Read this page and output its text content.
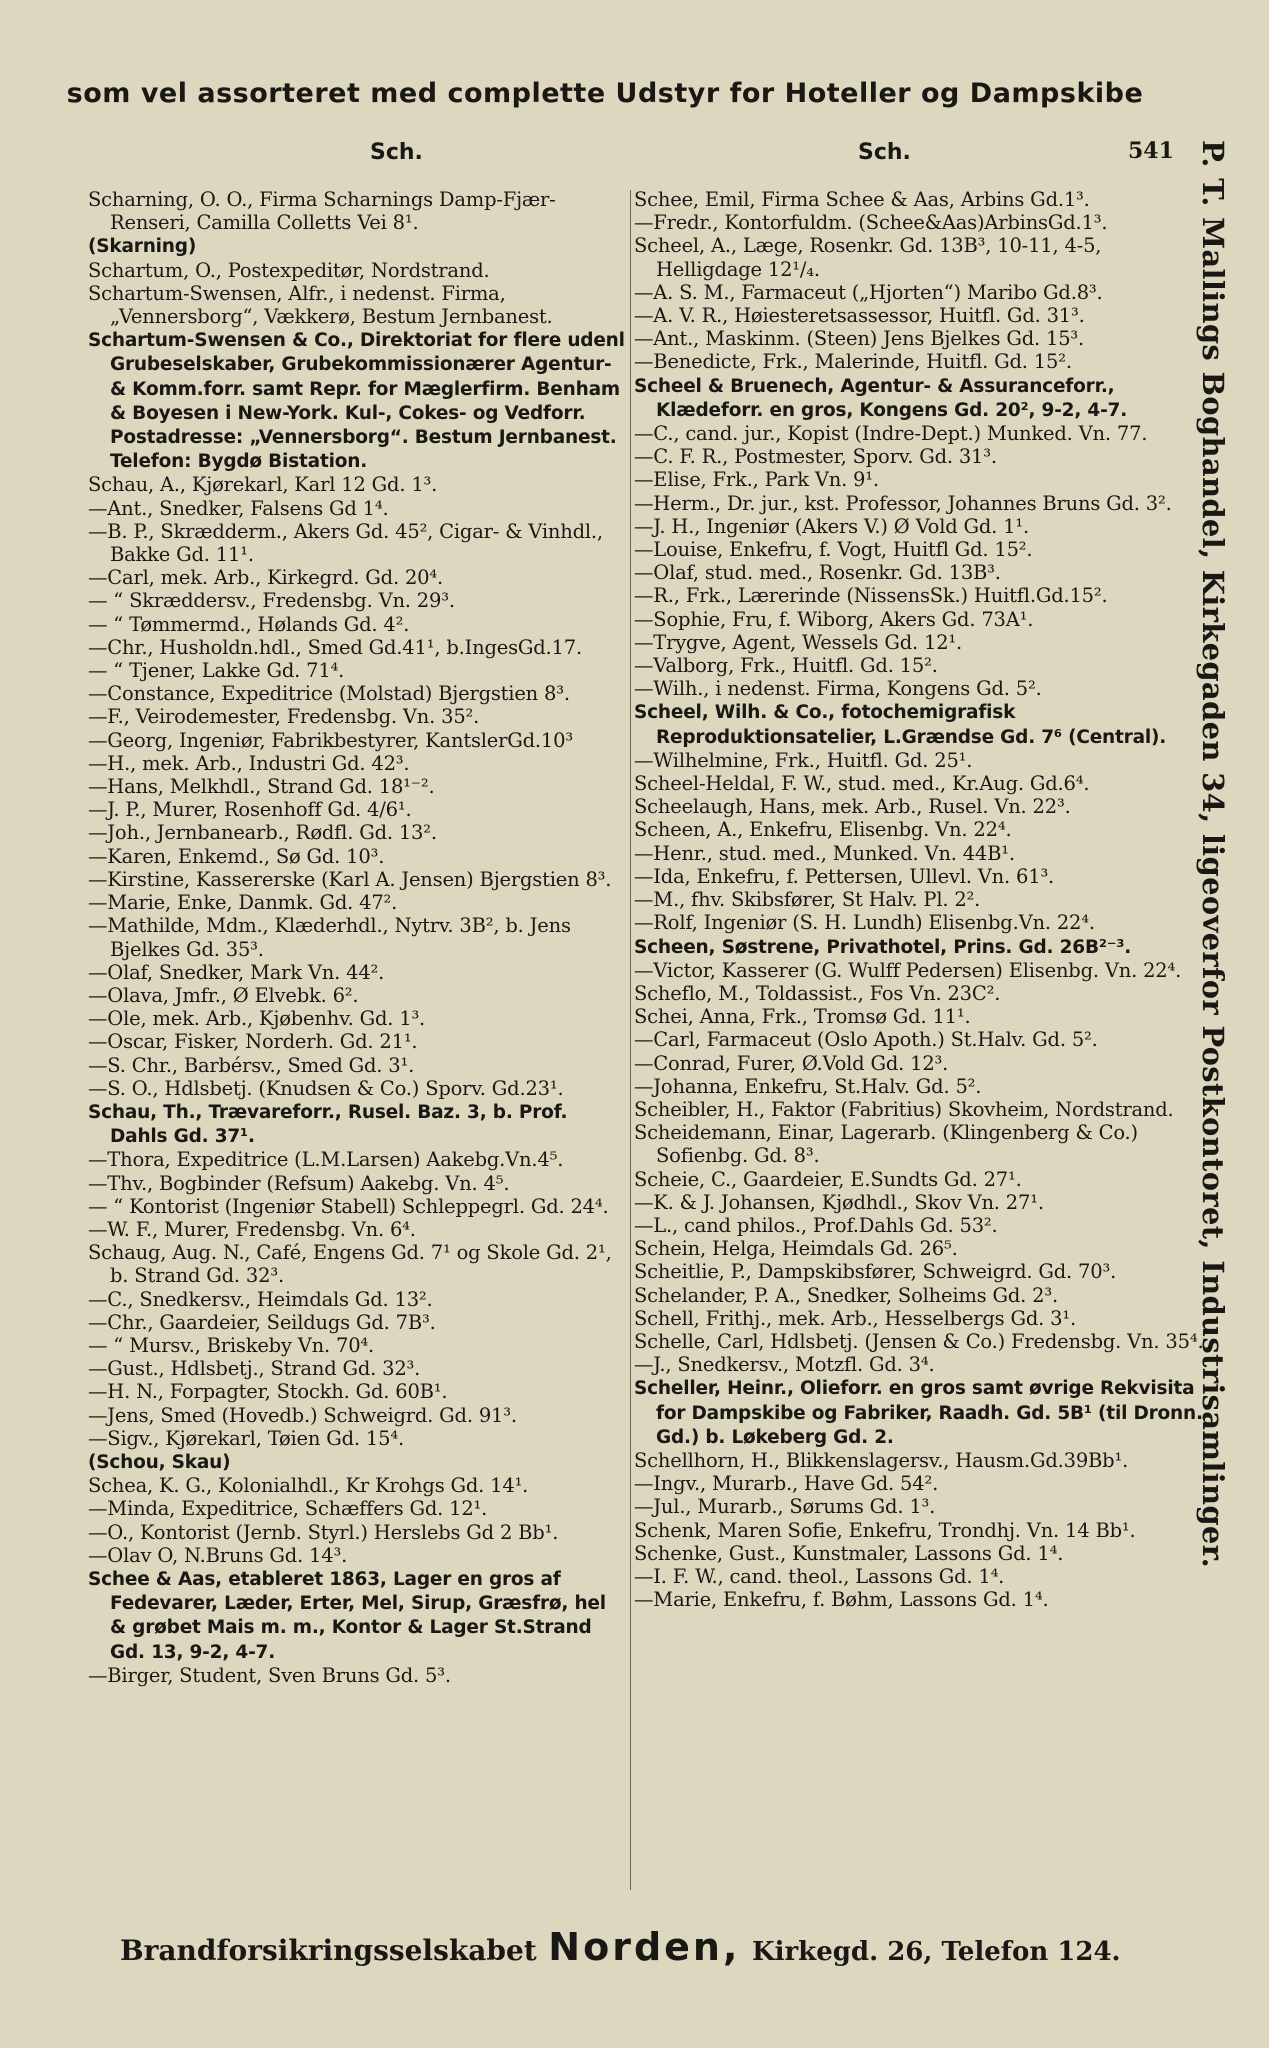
som vel assorteret med complette Udstyr for Hoteller og Dampskibe
Sch.	Sch.	541
Scharning, O. O., Firma Scharnings Damp-Fjær-Renseri, Camilla Colletts Vei 8¹.
(Skarning)
Schartum, O., Postexpeditør, Nordstrand.
Schartum-Swensen, Alfr., i nedenst. Firma, „Vennersborg“, Vækkerø, Bestum Jernbanest.
Schartum-Swensen & Co., Direktoriat for flere udenl Grubeselskaber, Grubekommissionærer Agentur- & Komm.forr. samt Repr. for Mæglerfirm. Benham & Boyesen i New-York. Kul-, Cokes- og Vedforr. Postadresse: „Vennersborg“. Bestum Jernbanest. Telefon: Bygdø Bistation.
Schau, A., Kjørekarl, Karl 12 Gd. 1³.
—Ant., Snedker, Falsens Gd 1⁴.
—B. P., Skrædderm., Akers Gd. 45², Cigar- & Vinhdl., Bakke Gd. 11¹.
—Carl, mek. Arb., Kirkegrd. Gd. 20⁴.
— “ Skræddersv., Fredensbg. Vn. 29³.
— “ Tømmermd., Hølands Gd. 4².
—Chr., Husholdn.hdl., Smed Gd.41¹, b.IngesGd.17.
— “ Tjener, Lakke Gd. 71⁴.
—Constance, Expeditrice (Molstad) Bjergstien 8³.
—F., Veirodemester, Fredensbg. Vn. 35².
—Georg, Ingeniør, Fabrikbestyrer, KantslerGd.10³
—H., mek. Arb., Industri Gd. 42³.
—Hans, Melkhdl., Strand Gd. 18¹⁻².
—J. P., Murer, Rosenhoff Gd. 4/6¹.
—Joh., Jernbanearb., Rødfl. Gd. 13².
—Karen, Enkemd., Sø Gd. 10³.
—Kirstine, Kassererske (Karl A. Jensen) Bjergstien 8³.
—Marie, Enke, Danmk. Gd. 47².
—Mathilde, Mdm., Klæderhdl., Nytrv. 3B², b. Jens Bjelkes Gd. 35³.
—Olaf, Snedker, Mark Vn. 44².
—Olava, Jmfr., Ø Elvebk. 6².
—Ole, mek. Arb., Kjøbenhv. Gd. 1³.
—Oscar, Fisker, Norderh. Gd. 21¹.
—S. Chr., Barbérsv., Smed Gd. 3¹.
—S. O., Hdlsbetj. (Knudsen & Co.) Sporv. Gd.23¹.
Schau, Th., Trævareforr., Rusel. Baz. 3, b. Prof. Dahls Gd. 37¹.
—Thora, Expeditrice (L.M.Larsen) Aakebg.Vn.4⁵.
—Thv., Bogbinder (Refsum) Aakebg. Vn. 4⁵.
— “ Kontorist (Ingeniør Stabell) Schleppegrl. Gd. 24⁴.
—W. F., Murer, Fredensbg. Vn. 6⁴.
Schaug, Aug. N., Café, Engens Gd. 7¹ og Skole Gd. 2¹, b. Strand Gd. 32³.
—C., Snedkersv., Heimdals Gd. 13².
—Chr., Gaardeier, Seildugs Gd. 7B³.
— “ Mursv., Briskeby Vn. 70⁴.
—Gust., Hdlsbetj., Strand Gd. 32³.
—H. N., Forpagter, Stockh. Gd. 60B¹.
—Jens, Smed (Hovedb.) Schweigrd. Gd. 91³.
—Sigv., Kjørekarl, Tøien Gd. 15⁴.
(Schou, Skau)
Schea, K. G., Kolonialhdl., Kr Krohgs Gd. 14¹.
—Minda, Expeditrice, Schæffers Gd. 12¹.
—O., Kontorist (Jernb. Styrl.) Herslebs Gd 2 Bb¹.
—Olav O, N.Bruns Gd. 14³.
Schee & Aas, etableret 1863, Lager en gros af Fedevarer, Læder, Erter, Mel, Sirup, Græsfrø, hel & grøbet Mais m. m., Kontor & Lager St.Strand Gd. 13, 9-2, 4-7.
—Birger, Student, Sven Bruns Gd. 5³.
Schee, Emil, Firma Schee & Aas, Arbins Gd.1³.
—Fredr., Kontorfuldm. (Schee&Aas)ArbinsGd.1³.
Scheel, A., Læge, Rosenkr. Gd. 13B³, 10-11, 4-5, Helligdage 12¹/₄.
—A. S. M., Farmaceut („Hjorten“) Maribo Gd.8³.
—A. V. R., Høiesteretsassessor, Huitfl. Gd. 31³.
—Ant., Maskinm. (Steen) Jens Bjelkes Gd. 15³.
—Benedicte, Frk., Malerinde, Huitfl. Gd. 15².
Scheel & Bruenech, Agentur- & Assuranceforr., Klædeforr. en gros, Kongens Gd. 20², 9-2, 4-7.
—C., cand. jur., Kopist (Indre-Dept.) Munked. Vn. 77.
—C. F. R., Postmester, Sporv. Gd. 31³.
—Elise, Frk., Park Vn. 9¹.
—Herm., Dr. jur., kst. Professor, Johannes Bruns Gd. 3².
—J. H., Ingeniør (Akers V.) Ø Vold Gd. 1¹.
—Louise, Enkefru, f. Vogt, Huitfl Gd. 15².
—Olaf, stud. med., Rosenkr. Gd. 13B³.
—R., Frk., Lærerinde (NissensSk.) Huitfl.Gd.15².
—Sophie, Fru, f. Wiborg, Akers Gd. 73A¹.
—Trygve, Agent, Wessels Gd. 12¹.
—Valborg, Frk., Huitfl. Gd. 15².
—Wilh., i nedenst. Firma, Kongens Gd. 5².
Scheel, Wilh. & Co., fotochemigrafisk Reproduktionsatelier, L.Grændse Gd. 7⁶ (Central).
—Wilhelmine, Frk., Huitfl. Gd. 25¹.
Scheel-Heldal, F. W., stud. med., Kr.Aug. Gd.6⁴.
Scheelaugh, Hans, mek. Arb., Rusel. Vn. 22³.
Scheen, A., Enkefru, Elisenbg. Vn. 22⁴.
—Henr., stud. med., Munked. Vn. 44B¹.
—Ida, Enkefru, f. Pettersen, Ullevl. Vn. 61³.
—M., fhv. Skibsfører, St Halv. Pl. 2².
—Rolf, Ingeniør (S. H. Lundh) Elisenbg.Vn. 22⁴.
Scheen, Søstrene, Privathotel, Prins. Gd. 26B²⁻³.
—Victor, Kasserer (G. Wulff Pedersen) Elisenbg. Vn. 22⁴.
Scheflo, M., Toldassist., Fos Vn. 23C².
Schei, Anna, Frk., Tromsø Gd. 11¹.
—Carl, Farmaceut (Oslo Apoth.) St.Halv. Gd. 5².
—Conrad, Furer, Ø.Vold Gd. 12³.
—Johanna, Enkefru, St.Halv. Gd. 5².
Scheibler, H., Faktor (Fabritius) Skovheim, Nordstrand.
Scheidemann, Einar, Lagerarb. (Klingenberg & Co.) Sofienbg. Gd. 8³.
Scheie, C., Gaardeier, E.Sundts Gd. 27¹.
—K. & J. Johansen, Kjødhdl., Skov Vn. 27¹.
—L., cand philos., Prof.Dahls Gd. 53².
Schein, Helga, Heimdals Gd. 26⁵.
Scheitlie, P., Dampskibsfører, Schweigrd. Gd. 70³.
Schelander, P. A., Snedker, Solheims Gd. 2³.
Schell, Frithj., mek. Arb., Hesselbergs Gd. 3¹.
Schelle, Carl, Hdlsbetj. (Jensen & Co.) Fredensbg. Vn. 35⁴.
—J., Snedkersv., Motzfl. Gd. 3⁴.
Scheller, Heinr., Olieforr. en gros samt øvrige Rekvisita for Dampskibe og Fabriker, Raadh. Gd. 5B¹ (til Dronn. Gd.) b. Løkeberg Gd. 2.
Schellhorn, H., Blikkenslagersv., Hausm.Gd.39Bb¹.
—Ingv., Murarb., Have Gd. 54².
—Jul., Murarb., Sørums Gd. 1³.
Schenk, Maren Sofie, Enkefru, Trondhj. Vn. 14 Bb¹.
Schenke, Gust., Kunstmaler, Lassons Gd. 1⁴.
—I. F. W., cand. theol., Lassons Gd. 1⁴.
—Marie, Enkefru, f. Bøhm, Lassons Gd. 1⁴.
P. T. Mallings Boghandel, Kirkegaden 34, ligeoverfor Postkontoret, Industrisamlinger.
Brandforsikringsselskabet Norden, Kirkegd. 26, Telefon 124.
